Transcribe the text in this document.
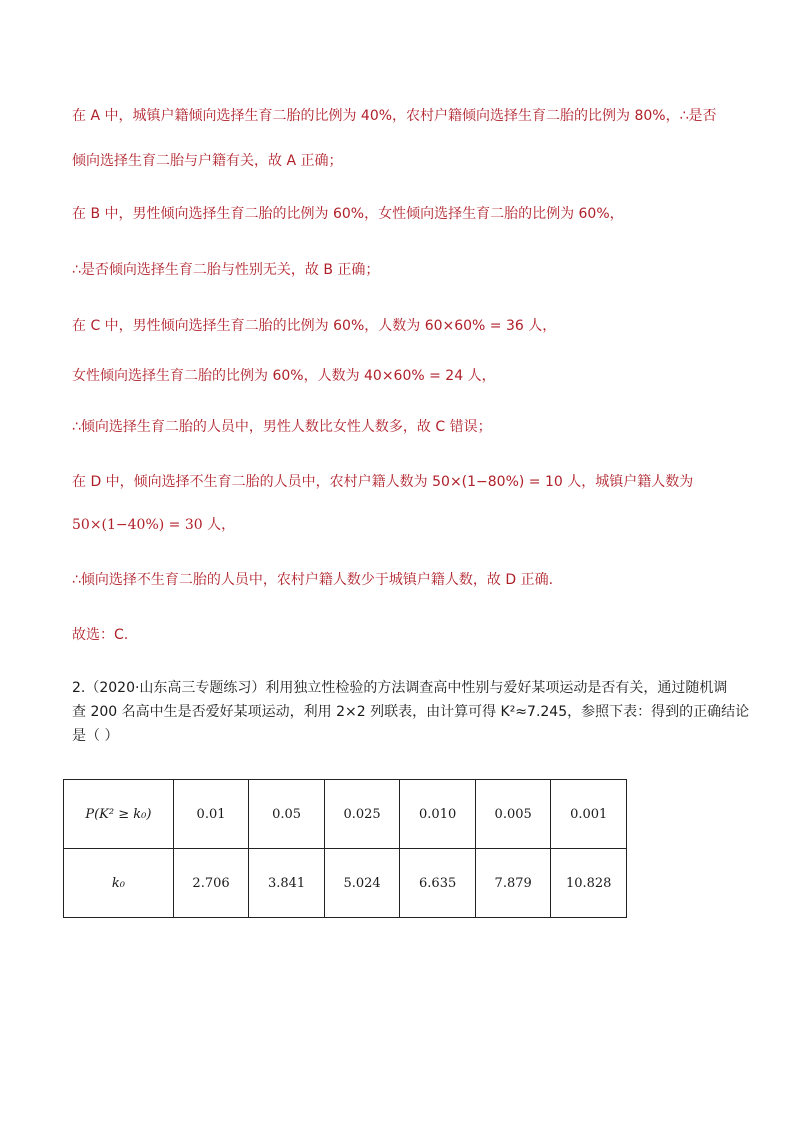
在 A 中，城镇户籍倾向选择生育二胎的比例为 40%，农村户籍倾向选择生育二胎的比例为 80%，∴是否
倾向选择生育二胎与户籍有关，故 A 正确；
在 B 中，男性倾向选择生育二胎的比例为 60%，女性倾向选择生育二胎的比例为 60%，
∴是否倾向选择生育二胎与性别无关，故 B 正确；
在 C 中，男性倾向选择生育二胎的比例为 60%，人数为 60×60% = 36 人，
女性倾向选择生育二胎的比例为 60%，人数为 40×60% = 24 人，
∴倾向选择生育二胎的人员中，男性人数比女性人数多，故 C 错误；
在 D 中，倾向选择不生育二胎的人员中，农村户籍人数为 50×(1−80%) = 10 人，城镇户籍人数为
50×(1−40%) = 30 人，
∴倾向选择不生育二胎的人员中，农村户籍人数少于城镇户籍人数，故 D 正确.
故选：C.
2.（2020·山东高三专题练习）利用独立性检验的方法调查高中性别与爱好某项运动是否有关，通过随机调
查 200 名高中生是否爱好某项运动，利用 2×2 列联表，由计算可得 K²≈7.245，参照下表：得到的正确结论
是（ ）
P(K² ≥ k₀)	0.01	0.05	0.025	0.010	0.005	0.001
k₀	2.706	3.841	5.024	6.635	7.879	10.828
